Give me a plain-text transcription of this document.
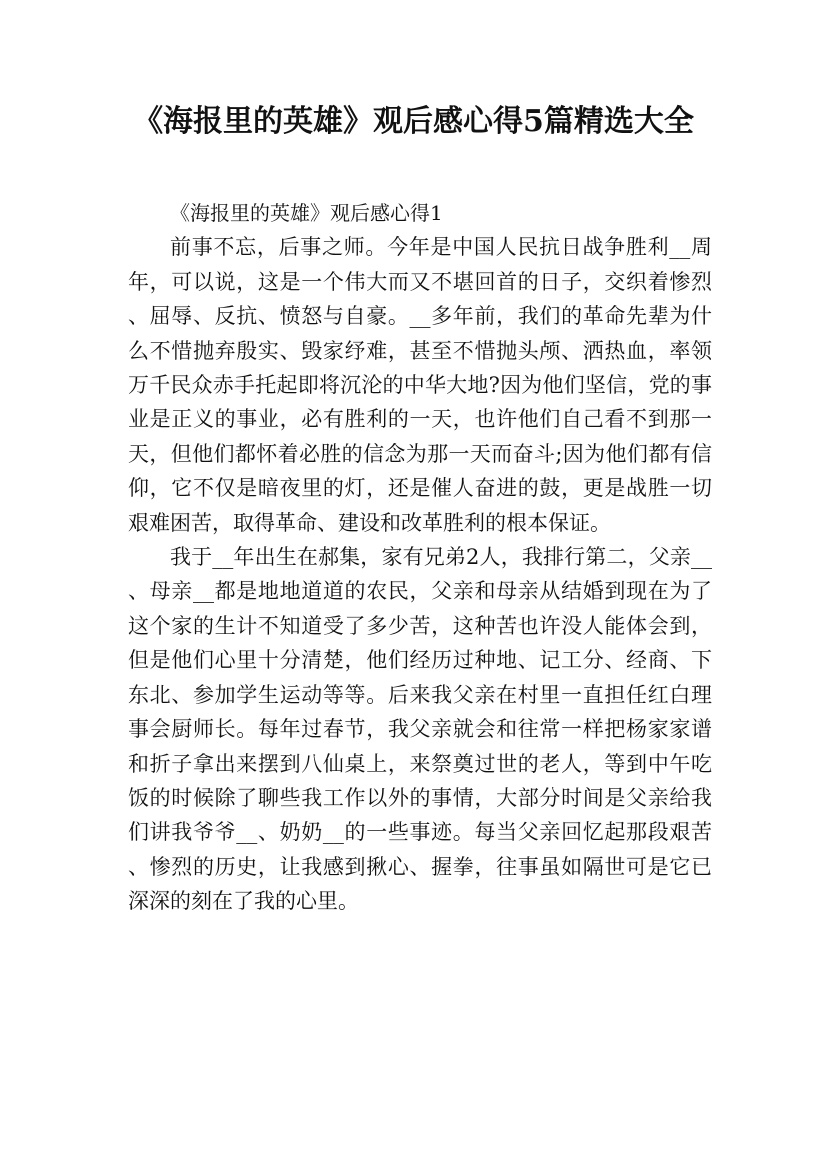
《海报里的英雄》观后感心得5篇精选大全

《海报里的英雄》观后感心得1

前事不忘，后事之师。今年是中国人民抗日战争胜利__周年，可以说，这是一个伟大而又不堪回首的日子，交织着惨烈、屈辱、反抗、愤怒与自豪。__多年前，我们的革命先辈为什么不惜抛弃殷实、毁家纾难，甚至不惜抛头颅、洒热血，率领万千民众赤手托起即将沉沦的中华大地?因为他们坚信，党的事业是正义的事业，必有胜利的一天，也许他们自己看不到那一天，但他们都怀着必胜的信念为那一天而奋斗;因为他们都有信仰，它不仅是暗夜里的灯，还是催人奋进的鼓，更是战胜一切艰难困苦，取得革命、建设和改革胜利的根本保证。

我于__年出生在郝集，家有兄弟2人，我排行第二，父亲__、母亲__都是地地道道的农民，父亲和母亲从结婚到现在为了这个家的生计不知道受了多少苦，这种苦也许没人能体会到，但是他们心里十分清楚，他们经历过种地、记工分、经商、下东北、参加学生运动等等。后来我父亲在村里一直担任红白理事会厨师长。每年过春节，我父亲就会和往常一样把杨家家谱和折子拿出来摆到八仙桌上，来祭奠过世的老人，等到中午吃饭的时候除了聊些我工作以外的事情，大部分时间是父亲给我们讲我爷爷__、奶奶__的一些事迹。每当父亲回忆起那段艰苦、惨烈的历史，让我感到揪心、握拳，往事虽如隔世可是它已深深的刻在了我的心里。
